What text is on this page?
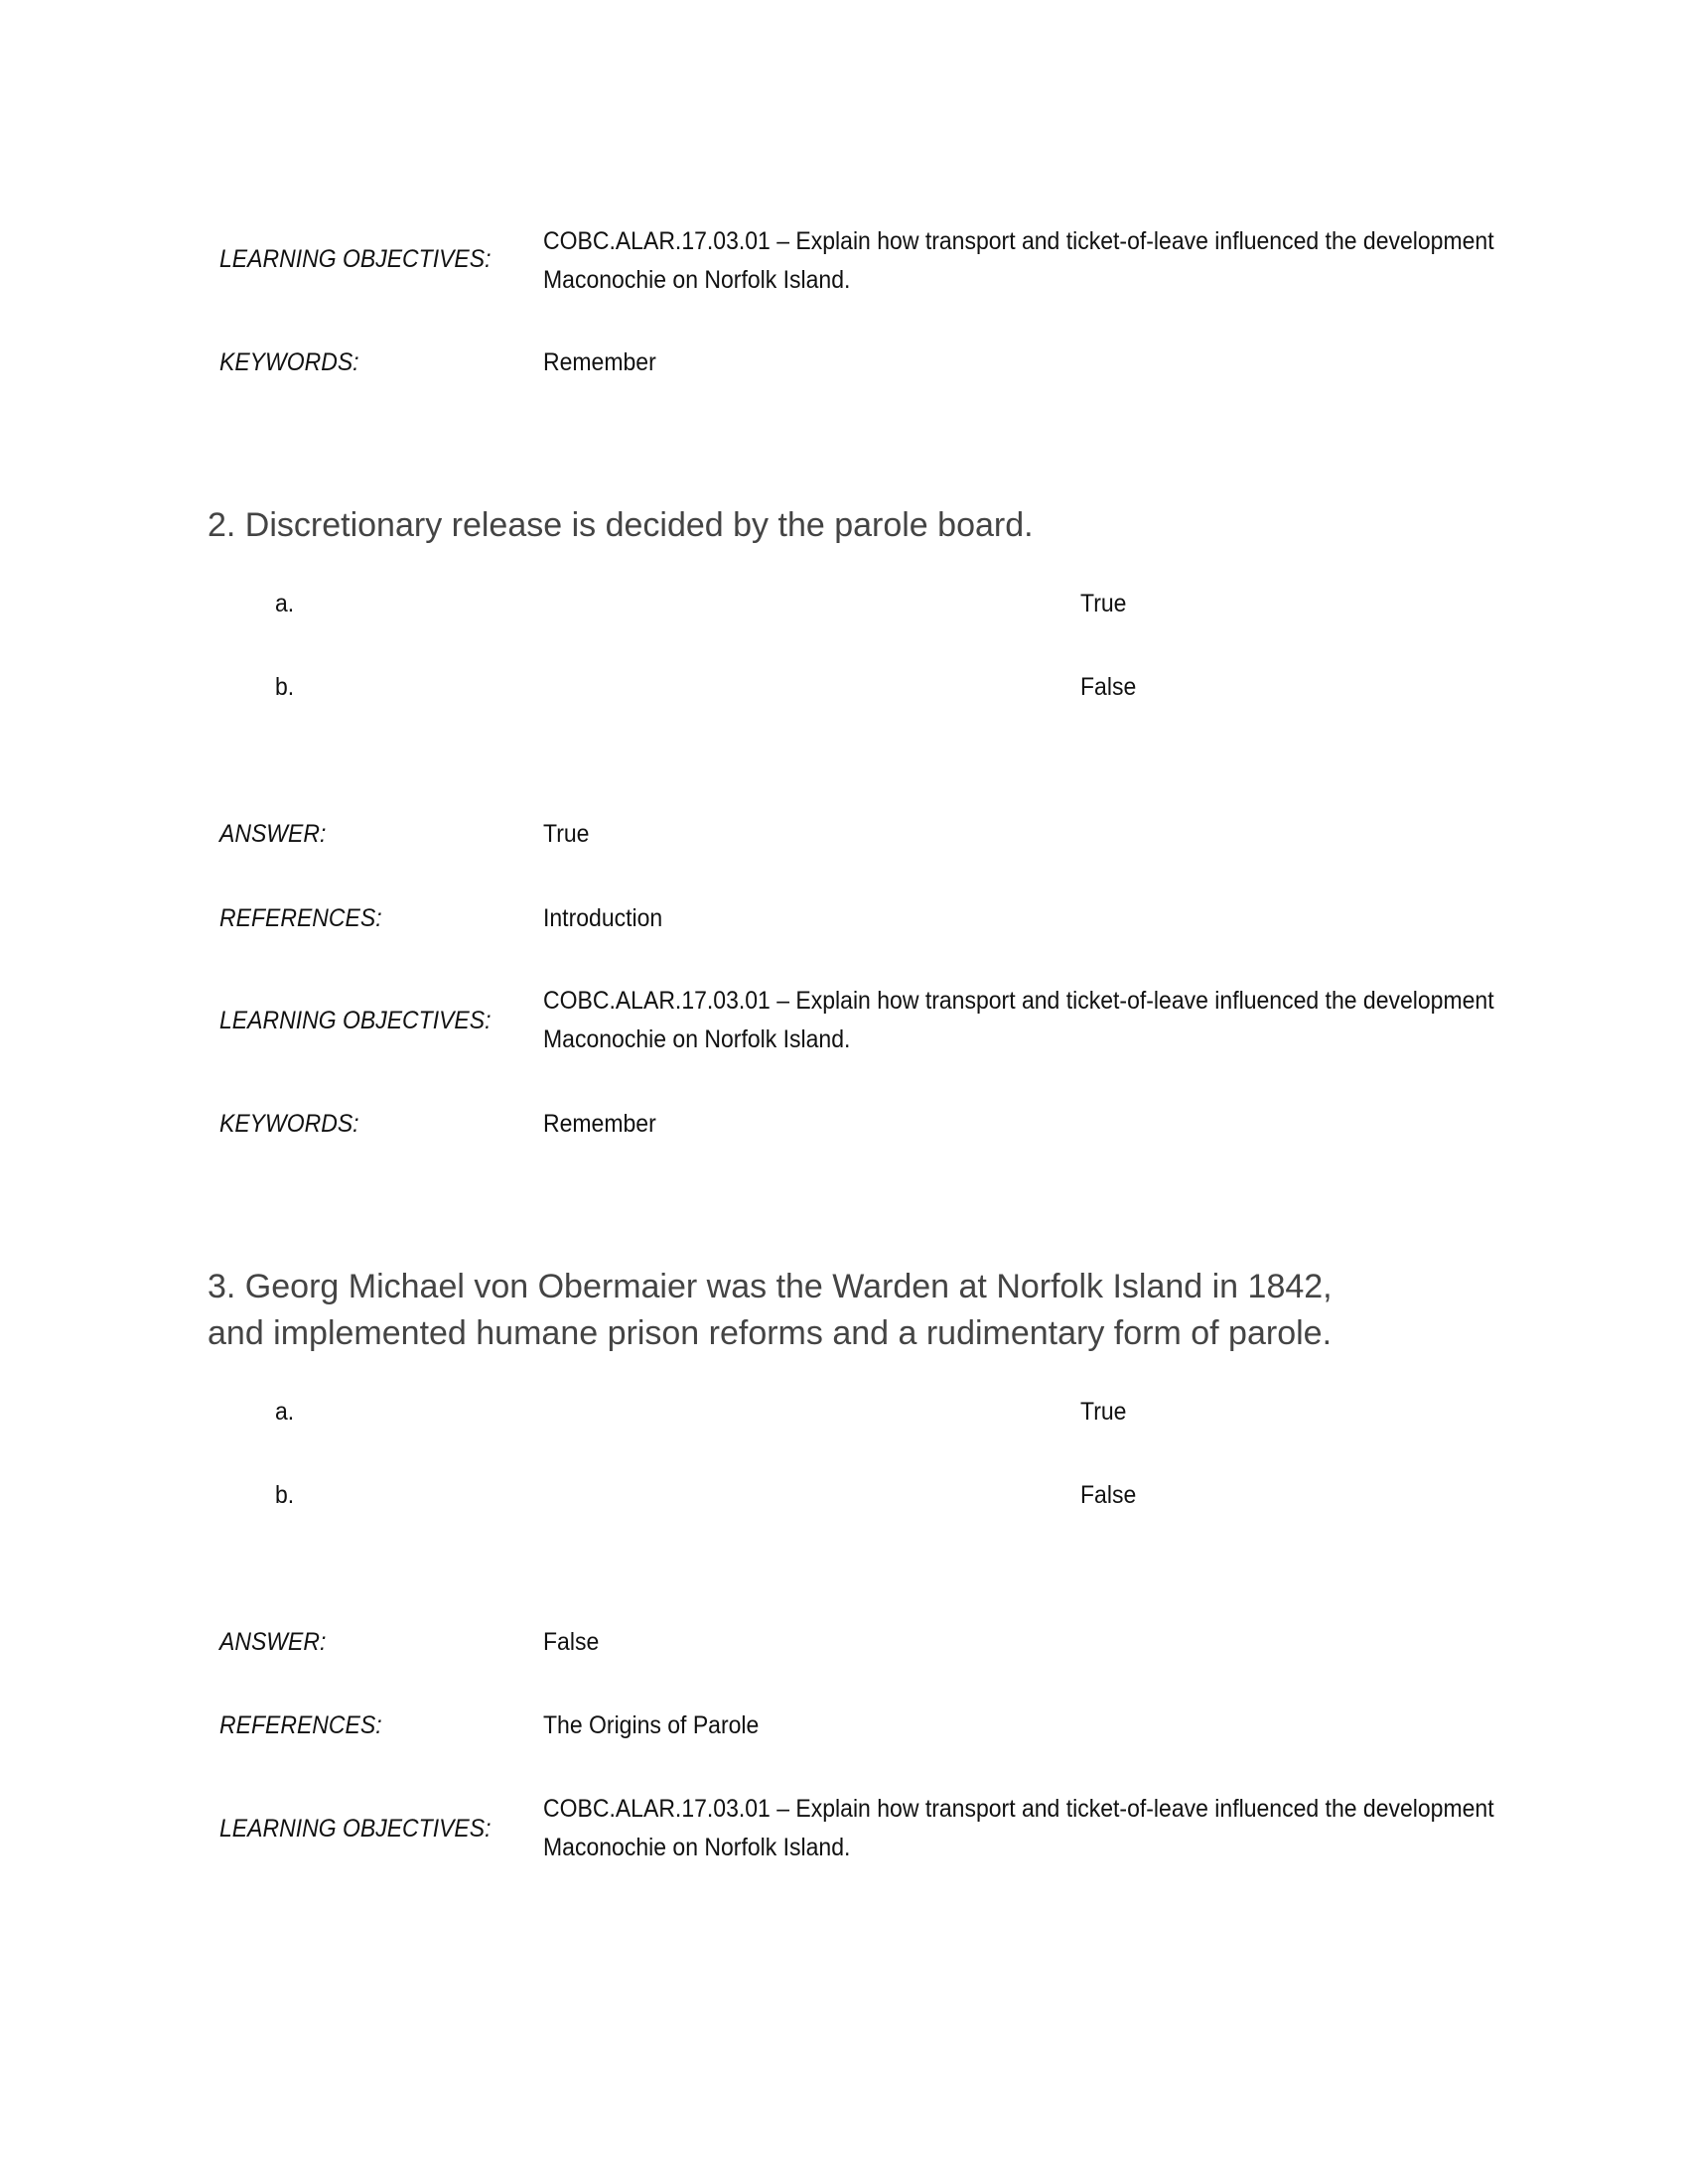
LEARNING OBJECTIVES:
COBC.ALAR.17.03.01 – Explain how transport and ticket-of-leave influenced the development
Maconochie on Norfolk Island.
KEYWORDS:	Remember
2. Discretionary release is decided by the parole board.
a.	True
b.	False
ANSWER:	True
REFERENCES:	Introduction
LEARNING OBJECTIVES:
COBC.ALAR.17.03.01 – Explain how transport and ticket-of-leave influenced the development
Maconochie on Norfolk Island.
KEYWORDS:	Remember
3. Georg Michael von Obermaier was the Warden at Norfolk Island in 1842,
and implemented humane prison reforms and a rudimentary form of parole.
a.	True
b.	False
ANSWER:	False
REFERENCES:	The Origins of Parole
LEARNING OBJECTIVES:
COBC.ALAR.17.03.01 – Explain how transport and ticket-of-leave influenced the development
Maconochie on Norfolk Island.
